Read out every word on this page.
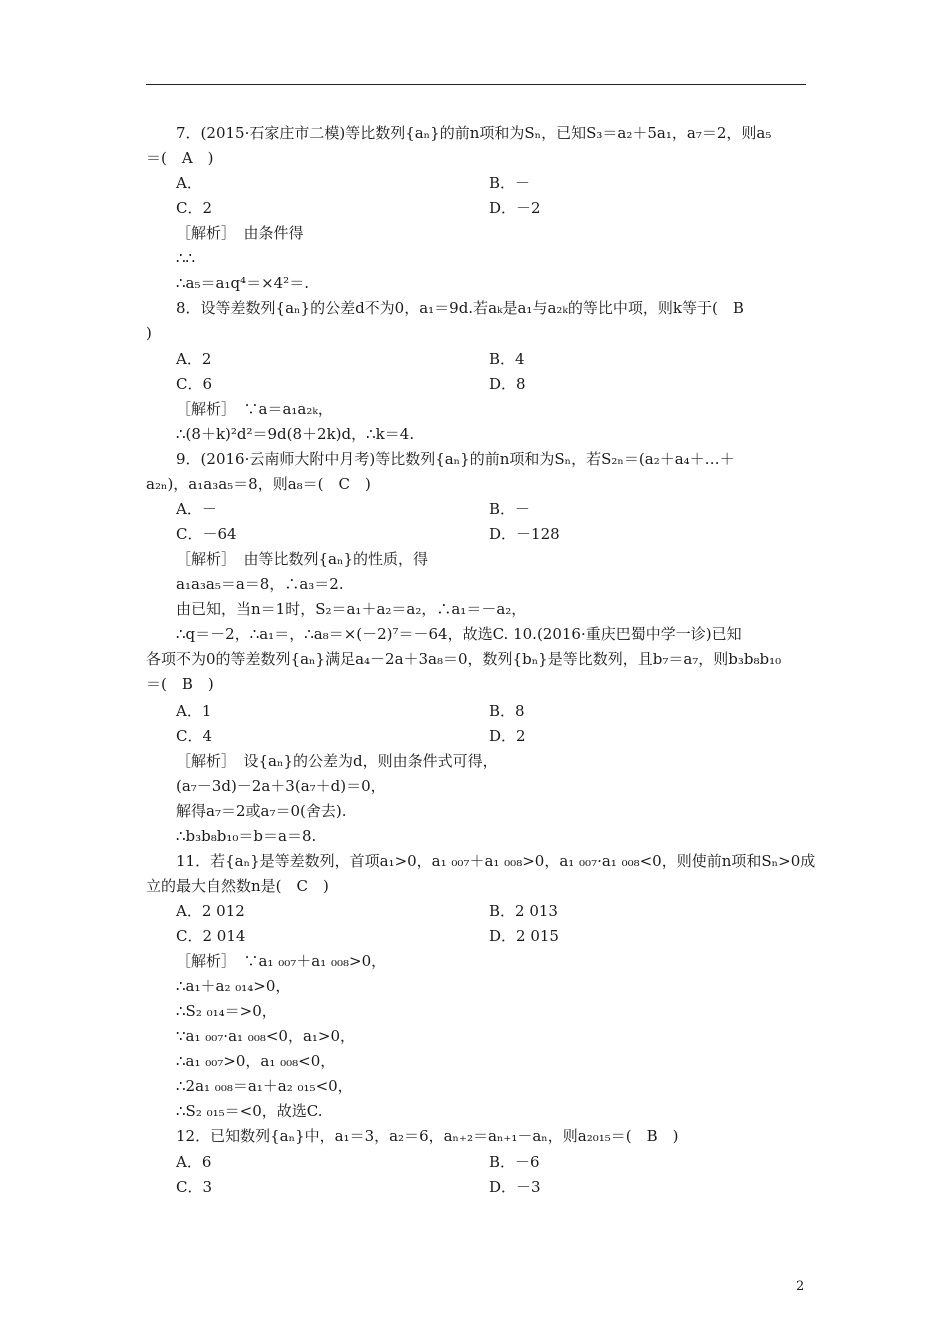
7．(2015·石家庄市二模)等比数列{aₙ}的前n项和为Sₙ，已知S₃＝a₂＋5a₁，a₇＝2，则a₅
＝(　A　)
A．	B．－
C．2	D．－2
［解析］　由条件得
∴∴
∴a₅＝a₁q⁴＝×4²＝.
8．设等差数列{aₙ}的公差d不为0，a₁＝9d.若aₖ是a₁与a₂ₖ的等比中项，则k等于(　B
)
A．2	B．4
C．6	D．8
［解析］　∵a＝a₁a₂ₖ，
∴(8＋k)²d²＝9d(8＋2k)d，∴k＝4.
9．(2016·云南师大附中月考)等比数列{aₙ}的前n项和为Sₙ，若S₂ₙ＝(a₂＋a₄＋…＋
a₂ₙ)，a₁a₃a₅＝8，则a₈＝(　C　)
A．－	B．－
C．－64	D．－128
［解析］　由等比数列{aₙ}的性质，得
a₁a₃a₅＝a＝8，∴a₃＝2.
由已知，当n＝1时，S₂＝a₁＋a₂＝a₂，∴a₁＝－a₂，
∴q＝－2，∴a₁＝，∴a₈＝×(－2)⁷＝－64，故选C. 10.(2016·重庆巴蜀中学一诊)已知
各项不为0的等差数列{aₙ}满足a₄－2a＋3a₈＝0，数列{bₙ}是等比数列，且b₇＝a₇，则b₃b₈b₁₀
＝(　B　)
A．1	B．8
C．4	D．2
［解析］　设{aₙ}的公差为d，则由条件式可得，
(a₇－3d)－2a＋3(a₇＋d)＝0，
解得a₇＝2或a₇＝0(舍去).
∴b₃b₈b₁₀＝b＝a＝8.
11．若{aₙ}是等差数列，首项a₁>0，a₁ ₀₀₇＋a₁ ₀₀₈>0，a₁ ₀₀₇·a₁ ₀₀₈<0，则使前n项和Sₙ>0成
立的最大自然数n是(　C　)
A．2 012	B．2 013
C．2 014	D．2 015
［解析］　∵a₁ ₀₀₇＋a₁ ₀₀₈>0，
∴a₁＋a₂ ₀₁₄>0，
∴S₂ ₀₁₄＝>0，
∵a₁ ₀₀₇·a₁ ₀₀₈<0，a₁>0，
∴a₁ ₀₀₇>0，a₁ ₀₀₈<0，
∴2a₁ ₀₀₈＝a₁＋a₂ ₀₁₅<0，
∴S₂ ₀₁₅＝<0，故选C.
12．已知数列{aₙ}中，a₁＝3，a₂＝6，aₙ₊₂＝aₙ₊₁－aₙ，则a₂₀₁₅＝(　B　)
A．6	B．－6
C．3	D．－3
2
